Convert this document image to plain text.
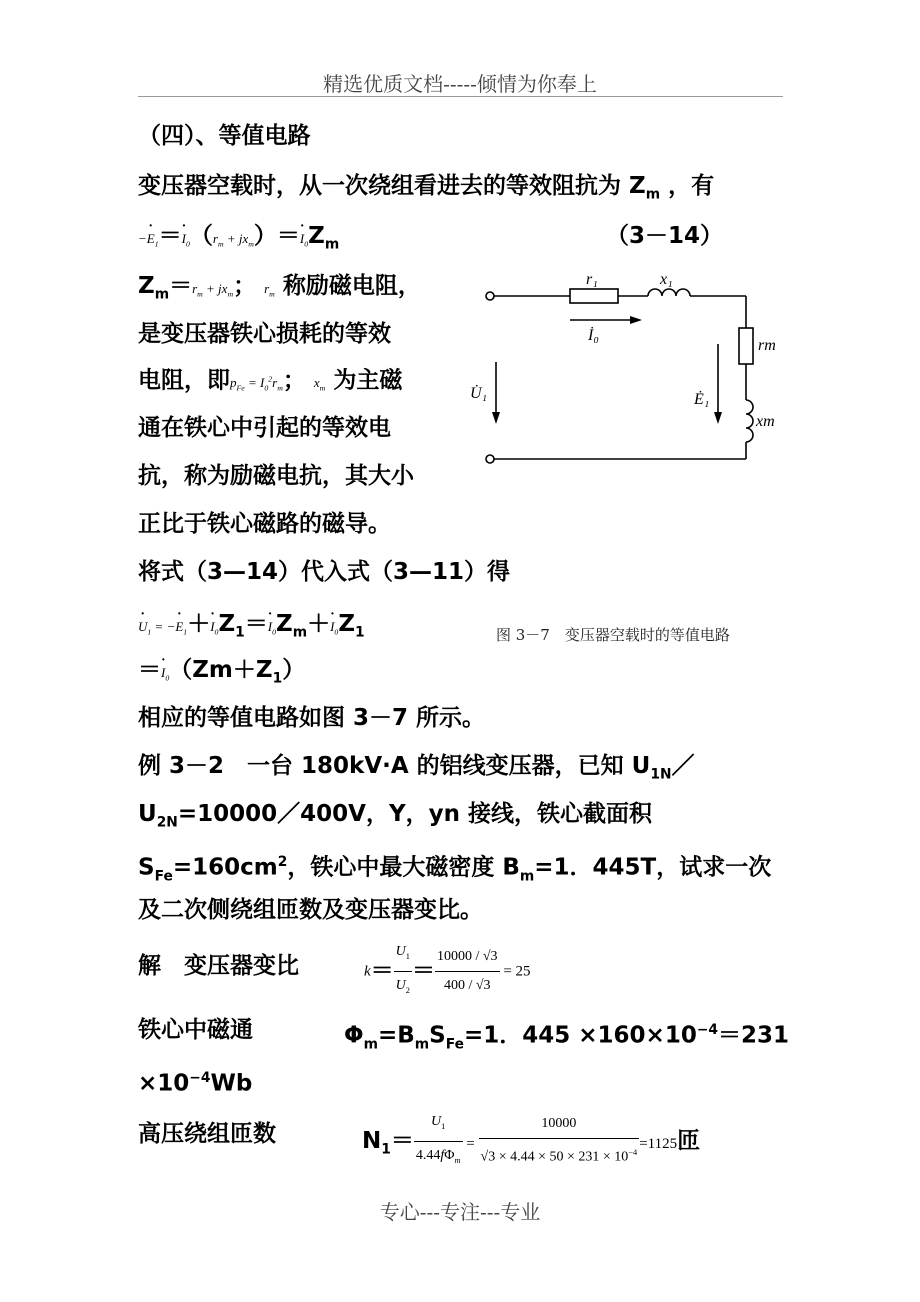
精选优质文档-----倾情为你奉上
（四）、等值电路
变压器空载时，从一次绕组看进去的等效阻抗为 $Z_m$ ，有
−· $E_1=\cdot I_0(r_m + jx_m)=\cdot I_0Z_m$	（3－14）
$Z_m=r_m + jx_m$； $r_m$ 称励磁电阻，
是变压器铁心损耗的等效
电阻，即$p_{Fe} = I_0^2r_m$； $x_m$ 为主磁
通在铁心中引起的等效电
抗，称为励磁电抗，其大小
正比于铁心磁路的磁导。
r₁	x₁
rm
xm
İ₀
U̇₁	Ė₁
将式（3—14）代入式（3—11）得
· $U_1$ = −· $E_1+\cdot I_0Z_1=\cdot I_0Z_m+\cdot I_0Z_1$	图 3－7　变压器空载时的等值电路
＝· $I_0(Zm+Z_1)$
相应的等值电路如图 3－7 所示。
例 3－2　一台 180kV·A 的铝线变压器，已知 $U_{1N}/$
$U_{2N}=10000/400V$，Y，yn 接线，铁心截面积
$S_{Fe}=160cm^2$，铁心中最大磁密度 $B_m=1$．445T，试求一次
及二次侧绕组匝数及变压器变比。
解　变压器变比	$k= \frac{U_1}{U_2} = \frac{10000 / √3}{400 / √3} = 25$
铁心中磁通	$\Phi_m=B_mS_{Fe}=1$．$445 \times 160\times 10^{-4}=231$
$\times 10^{-4}Wb$
高压绕组匝数	$N_1= \frac{U_1}{4.44f\Phi_m} = \frac{10000}{√3 \times 4.44 \times 50 \times 231 \times 10^{-4}} =1125$匝
专心---专注---专业
